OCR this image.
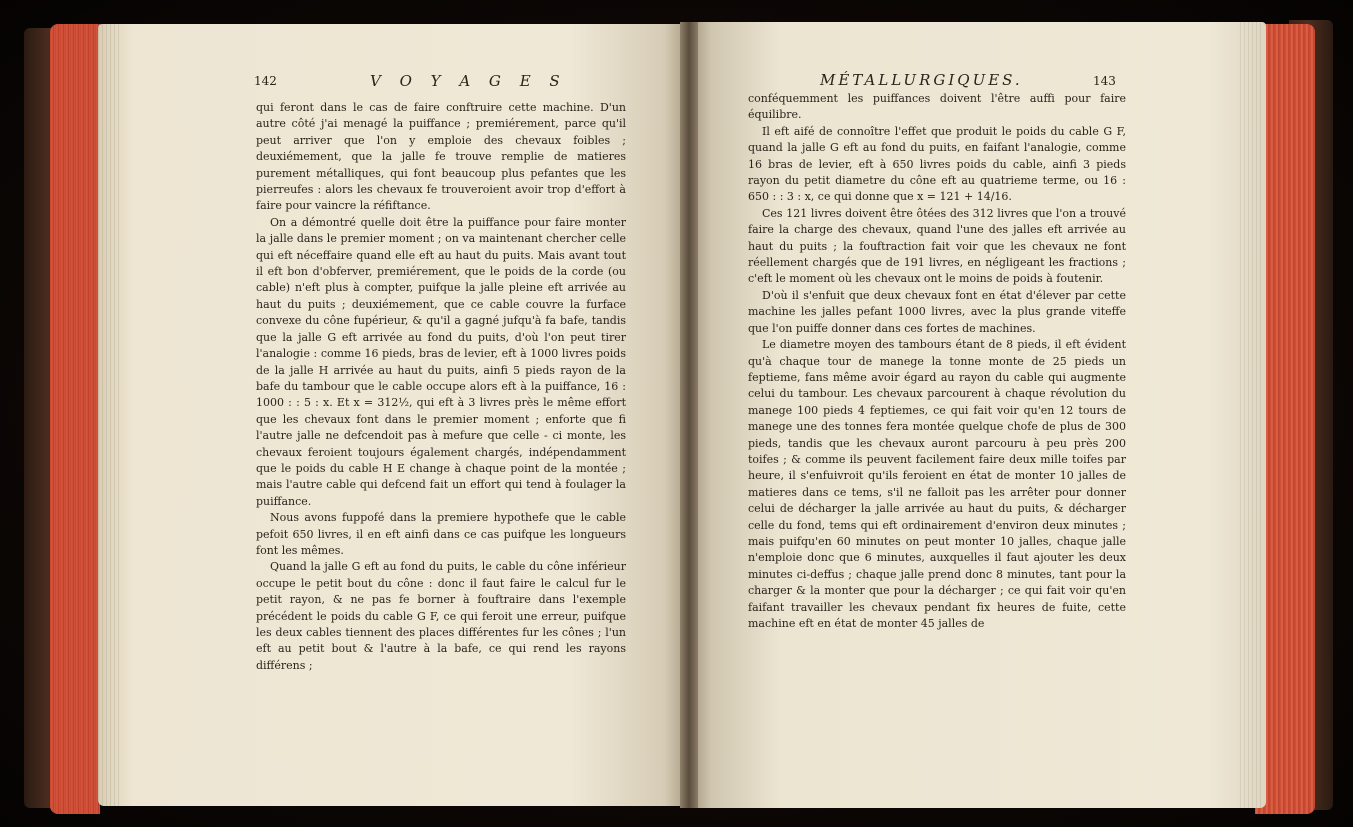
142	V O Y A G E S

qui feront dans le cas de faire conftruire cette machine. D'un autre côté j'ai menagé la puiffance ; premiérement, parce qu'il peut arriver que l'on y emploie des chevaux foibles ; deuxiémement, que la jalle fe trouve remplie de matieres purement métalliques, qui font beaucoup plus pefantes que les pierreufes : alors les chevaux fe trouveroient avoir trop d'effort à faire pour vaincre la réfiftance.

On a démontré quelle doit être la puiffance pour faire monter la jalle dans le premier moment ; on va maintenant chercher celle qui eft néceffaire quand elle eft au haut du puits. Mais avant tout il eft bon d'obferver, premiérement, que le poids de la corde (ou cable) n'eft plus à compter, puifque la jalle pleine eft arrivée au haut du puits ; deuxiémement, que ce cable couvre la furface convexe du cône fupérieur, & qu'il a gagné jufqu'à fa bafe, tandis que la jalle G eft arrivée au fond du puits, d'où l'on peut tirer l'analogie : comme 16 pieds, bras de levier, eft à 1000 livres poids de la jalle H arrivée au haut du puits, ainfi 5 pieds rayon de la bafe du tambour que le cable occupe alors eft à la puiffance, 16 : 1000 : : 5 : x. Et x = 312½, qui eft à 3 livres près le même effort que les chevaux font dans le premier moment ; enforte que fi l'autre jalle ne defcendoit pas à mefure que celle - ci monte, les chevaux feroient toujours également chargés, indépendamment que le poids du cable H E change à chaque point de la montée ; mais l'autre cable qui defcend fait un effort qui tend à foulager la puiffance.

Nous avons fuppofé dans la premiere hypothefe que le cable pefoit 650 livres, il en eft ainfi dans ce cas puifque les longueurs font les mêmes.

Quand la jalle G eft au fond du puits, le cable du cône inférieur occupe le petit bout du cône : donc il faut faire le calcul fur le petit rayon, & ne pas fe borner à fouftraire dans l'exemple précédent le poids du cable G F, ce qui feroit une erreur, puifque les deux cables tiennent des places différentes fur les cônes ; l'un eft au petit bout & l'autre à la bafe, ce qui rend les rayons différens ;

MÉTALLURGIQUES.	143

conféquemment les puiffances doivent l'être auffi pour faire équilibre.

Il eft aifé de connoître l'effet que produit le poids du cable G F, quand la jalle G eft au fond du puits, en faifant l'analogie, comme 16 bras de levier, eft à 650 livres poids du cable, ainfi 3 pieds rayon du petit diametre du cône eft au quatrieme terme, ou 16 : 650 : : 3 : x, ce qui donne que x = 121 + 14/16.

Ces 121 livres doivent être ôtées des 312 livres que l'on a trouvé faire la charge des chevaux, quand l'une des jalles eft arrivée au haut du puits ; la fouftraction fait voir que les chevaux ne font réellement chargés que de 191 livres, en négligeant les fractions ; c'eft le moment où les chevaux ont le moins de poids à foutenir.

D'où il s'enfuit que deux chevaux font en état d'élever par cette machine les jalles pefant 1000 livres, avec la plus grande viteffe que l'on puiffe donner dans ces fortes de machines.

Le diametre moyen des tambours étant de 8 pieds, il eft évident qu'à chaque tour de manege la tonne monte de 25 pieds un feptieme, fans même avoir égard au rayon du cable qui augmente celui du tambour. Les chevaux parcourent à chaque révolution du manege 100 pieds 4 feptiemes, ce qui fait voir qu'en 12 tours de manege une des tonnes fera montée quelque chofe de plus de 300 pieds, tandis que les chevaux auront parcouru à peu près 200 toifes ; & comme ils peuvent facilement faire deux mille toifes par heure, il s'enfuivroit qu'ils feroient en état de monter 10 jalles de matieres dans ce tems, s'il ne falloit pas les arrêter pour donner celui de décharger la jalle arrivée au haut du puits, & décharger celle du fond, tems qui eft ordinairement d'environ deux minutes ; mais puifqu'en 60 minutes on peut monter 10 jalles, chaque jalle n'emploie donc que 6 minutes, auxquelles il faut ajouter les deux minutes ci-deffus ; chaque jalle prend donc 8 minutes, tant pour la charger & la monter que pour la décharger ; ce qui fait voir qu'en faifant travailler les chevaux pendant fix heures de fuite, cette machine eft en état de monter 45 jalles de
